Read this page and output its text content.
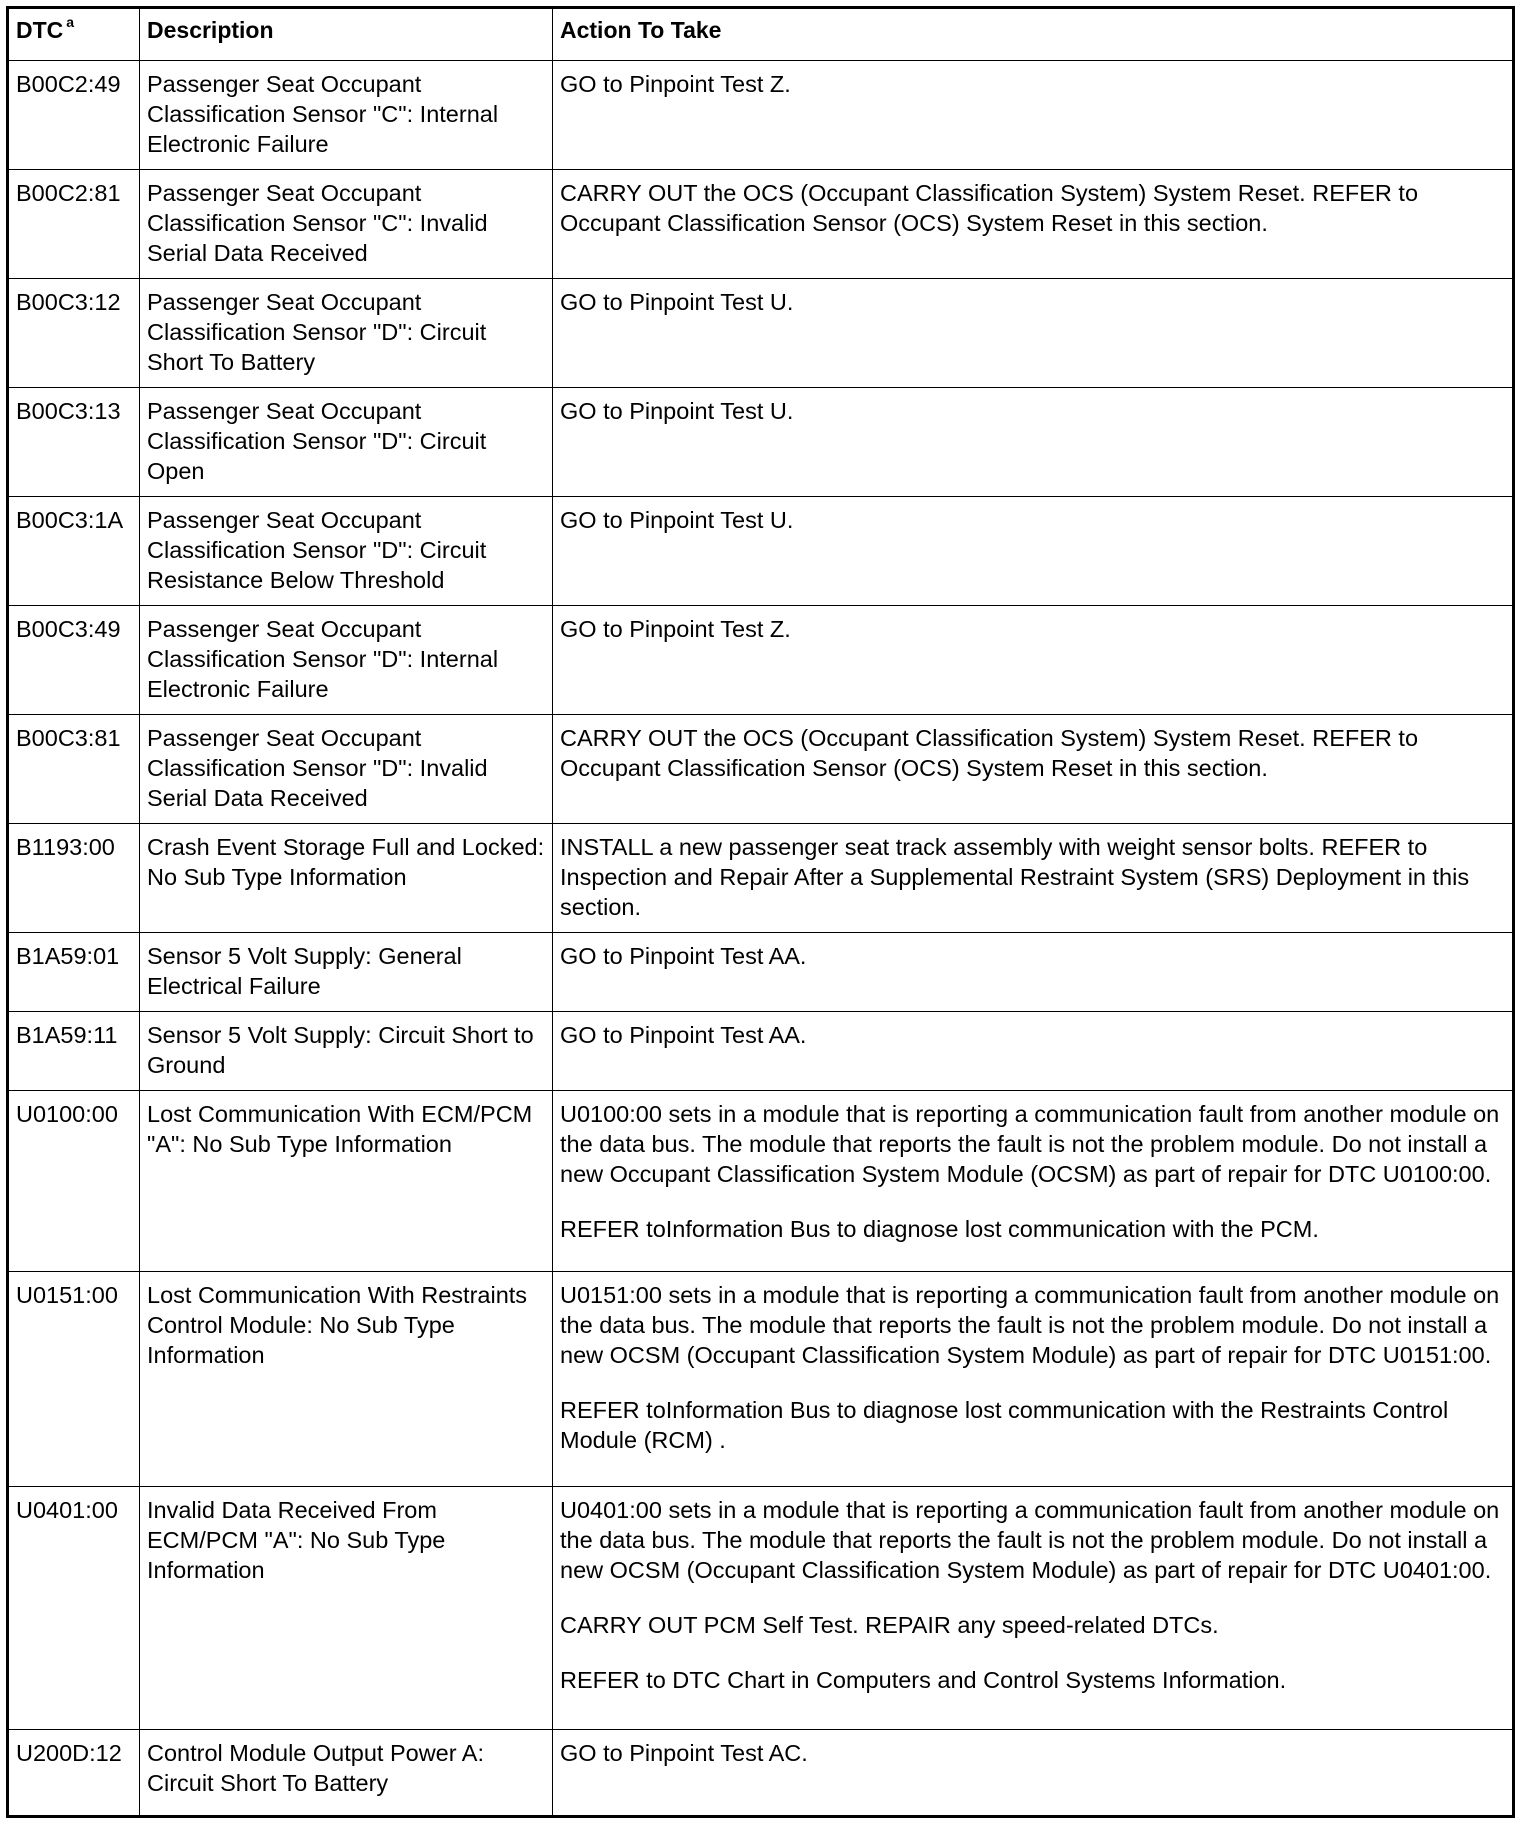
DTC $^a$	Description	Action To Take
B00C2:49	Passenger Seat Occupant Classification Sensor "C": Internal Electronic Failure	GO to Pinpoint Test Z.

B00C2:81	Passenger Seat Occupant Classification Sensor "C": Invalid Serial Data Received	CARRY OUT the OCS (Occupant Classification System) System Reset. REFER to Occupant Classification Sensor (OCS) System Reset in this section.

B00C3:12	Passenger Seat Occupant Classification Sensor "D": Circuit Short To Battery	GO to Pinpoint Test U.

B00C3:13	Passenger Seat Occupant Classification Sensor "D": Circuit Open	GO to Pinpoint Test U.

B00C3:1A	Passenger Seat Occupant Classification Sensor "D": Circuit Resistance Below Threshold	GO to Pinpoint Test U.

B00C3:49	Passenger Seat Occupant Classification Sensor "D": Internal Electronic Failure	GO to Pinpoint Test Z.

B00C3:81	Passenger Seat Occupant Classification Sensor "D": Invalid Serial Data Received	CARRY OUT the OCS (Occupant Classification System) System Reset. REFER to Occupant Classification Sensor (OCS) System Reset in this section.

B1193:00	Crash Event Storage Full and Locked: No Sub Type Information	INSTALL a new passenger seat track assembly with weight sensor bolts. REFER to Inspection and Repair After a Supplemental Restraint System (SRS) Deployment in this section.

B1A59:01	Sensor 5 Volt Supply: General Electrical Failure	GO to Pinpoint Test AA.

B1A59:11	Sensor 5 Volt Supply: Circuit Short to Ground	GO to Pinpoint Test AA.

U0100:00	Lost Communication With ECM/PCM "A": No Sub Type Information	U0100:00 sets in a module that is reporting a communication fault from another module on the data bus. The module that reports the fault is not the problem module. Do not install a new Occupant Classification System Module (OCSM) as part of repair for DTC U0100:00.

REFER toInformation Bus to diagnose lost communication with the PCM.

U0151:00	Lost Communication With Restraints Control Module: No Sub Type Information	U0151:00 sets in a module that is reporting a communication fault from another module on the data bus. The module that reports the fault is not the problem module. Do not install a new OCSM (Occupant Classification System Module) as part of repair for DTC U0151:00.

REFER toInformation Bus to diagnose lost communication with the Restraints Control Module (RCM) .

U0401:00	Invalid Data Received From ECM/PCM "A": No Sub Type Information	U0401:00 sets in a module that is reporting a communication fault from another module on the data bus. The module that reports the fault is not the problem module. Do not install a new OCSM (Occupant Classification System Module) as part of repair for DTC U0401:00.

CARRY OUT PCM Self Test. REPAIR any speed-related DTCs.

REFER to DTC Chart in Computers and Control Systems Information.

U200D:12	Control Module Output Power A: Circuit Short To Battery	GO to Pinpoint Test AC.
